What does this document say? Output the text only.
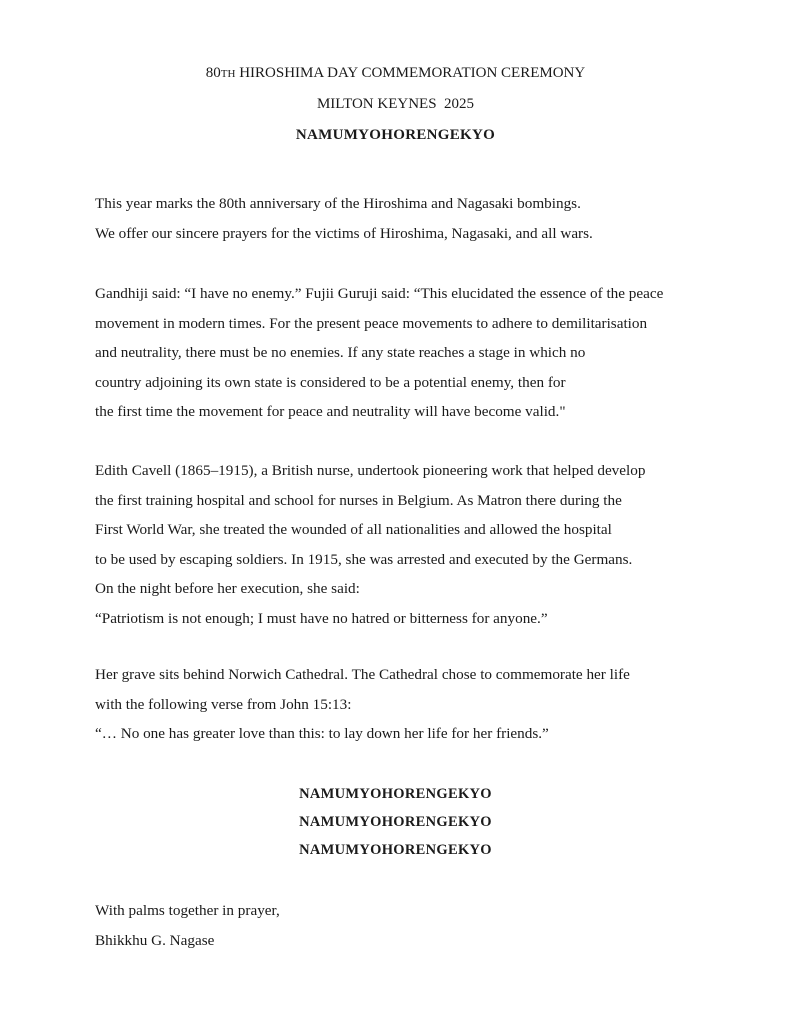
80TH HIROSHIMA DAY COMMEMORATION CEREMONY
MILTON KEYNES  2025
NAMUMYOHORENGEKYO
This year marks the 80th anniversary of the Hiroshima and Nagasaki bombings.
We offer our sincere prayers for the victims of Hiroshima, Nagasaki, and all wars.
Gandhiji said: “I have no enemy.” Fujii Guruji said: “This elucidated the essence of the peace
movement in modern times. For the present peace movements to adhere to demilitarisation
and neutrality, there must be no enemies. If any state reaches a stage in which no
country adjoining its own state is considered to be a potential enemy, then for
the first time the movement for peace and neutrality will have become valid."
Edith Cavell (1865–1915), a British nurse, undertook pioneering work that helped develop
the first training hospital and school for nurses in Belgium. As Matron there during the
First World War, she treated the wounded of all nationalities and allowed the hospital
to be used by escaping soldiers. In 1915, she was arrested and executed by the Germans.
On the night before her execution, she said:
“Patriotism is not enough; I must have no hatred or bitterness for anyone.”
Her grave sits behind Norwich Cathedral. The Cathedral chose to commemorate her life
with the following verse from John 15:13:
“… No one has greater love than this: to lay down her life for her friends.”
NAMUMYOHORENGEKYO
NAMUMYOHORENGEKYO
NAMUMYOHORENGEKYO
With palms together in prayer,
Bhikkhu G. Nagase
